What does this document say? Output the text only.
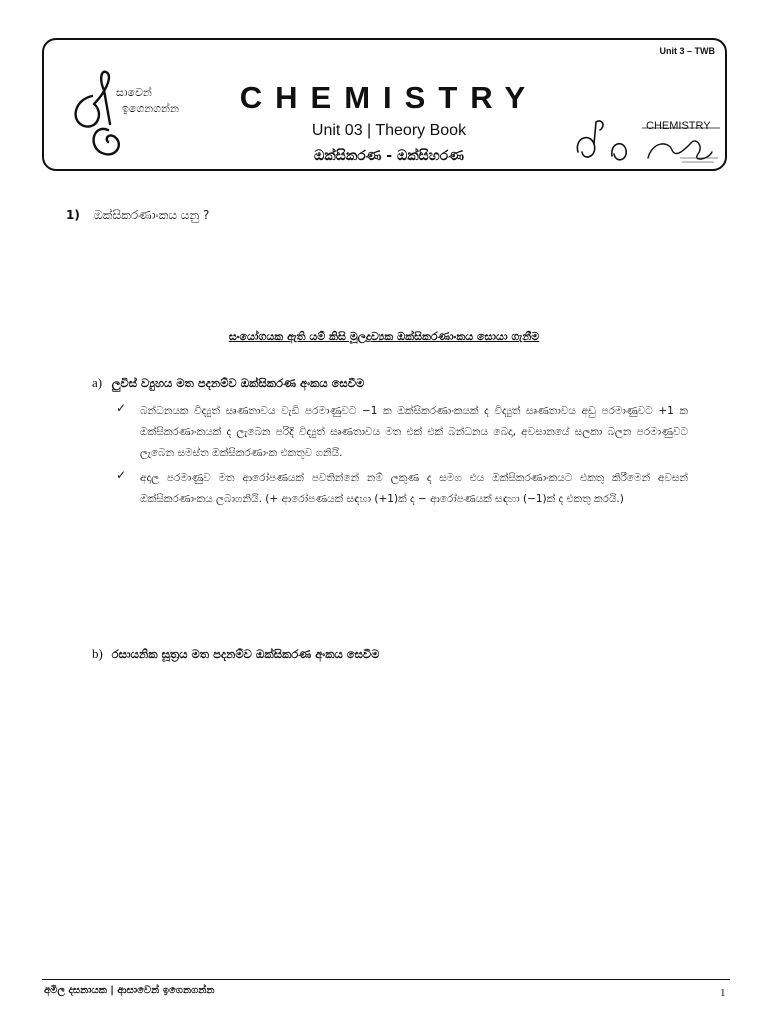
Unit 3 – TWB
සාවෙන්
ඉගෙනගන්න	CHEMISTRY
Unit 03 | Theory Book
ඔක්සිකරණ - ඔක්සිහරණ
CHEMISTRY
1) ඔක්සිකරණාංකය යනු ?
සංයෝගයක ඇති යම් කිසි මූලද්‍රව්‍යක ඔක්සිකරණාංකය සොයා ගැනීම
a) ලුවිස් ව්‍යුහය මත පදනම්ව ඔක්සිකරණ අංකය සෙවීම
✓ බන්ධනයක විද්‍යුත් සෘණතාවය වැඩි පරමාණුවට −1 ක ඔක්සිකරණාංකයක් ද විද්‍යුත් සෘණතාවය අඩු පරමාණුවට +1 ක ඔක්සිකරණාංකයක් ද ලැබෙන පරිදි විද්‍යුත් සෘණතාවය මත එක් එක් බන්ධනය බෙදා, අවසානයේ සලකා බලන පරමාණුවට ලැබෙන සමස්ත ඔක්සිකරණාංක එකතුව ගනියි.
✓ අදාල පරමාණුව මත ආරෝපණයක් පවතින්නේ නම් ලකුණ ද සමග එය ඔක්සිකරණාංකයට එකතු කිරීමෙන් අවසන් ඔක්සිකරණාංකය ලබාගනියි. (+ ආරෝපණයක් සඳහා (+1)ක් ද − ආරෝපණයක් සඳහා (−1)ක් ද එකතු කරයි.)
b) රසායනික සූත්‍රය මත පදනම්ව ඔක්සිකරණ අංකය සෙවීම
අමිල දසනායක | ආසාවෙන් ඉගෙනගන්න	1
